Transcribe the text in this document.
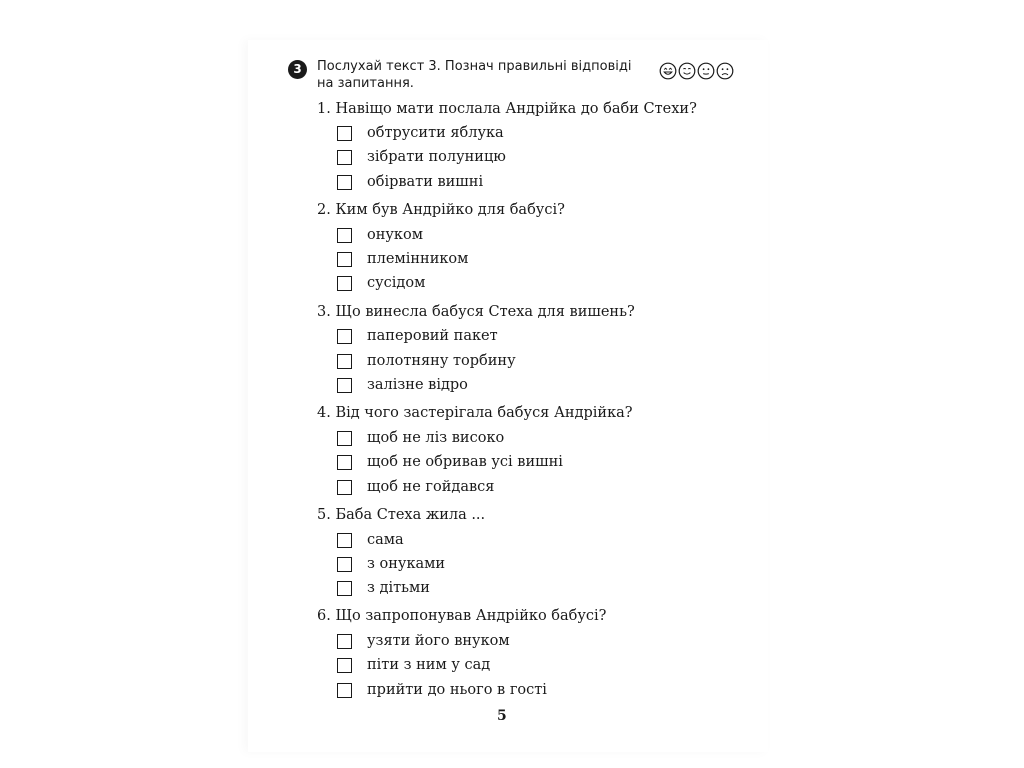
3	Послухай текст 3. Познач правильні відповіді на запитання.
1. Навіщо мати послала Андрійка до баби Стехи?
обтрусити яблука
зібрати полуницю
обірвати вишні
2. Ким був Андрійко для бабусі?
онуком
племінником
сусідом
3. Що винесла бабуся Стеха для вишень?
паперовий пакет
полотняну торбину
залізне відро
4. Від чого застерігала бабуся Андрійка?
щоб не ліз високо
щоб не обривав усі вишні
щоб не гойдався
5. Баба Стеха жила ...
сама
з онуками
з дітьми
6. Що запропонував Андрійко бабусі?
узяти його внуком
піти з ним у сад
прийти до нього в гості
5
